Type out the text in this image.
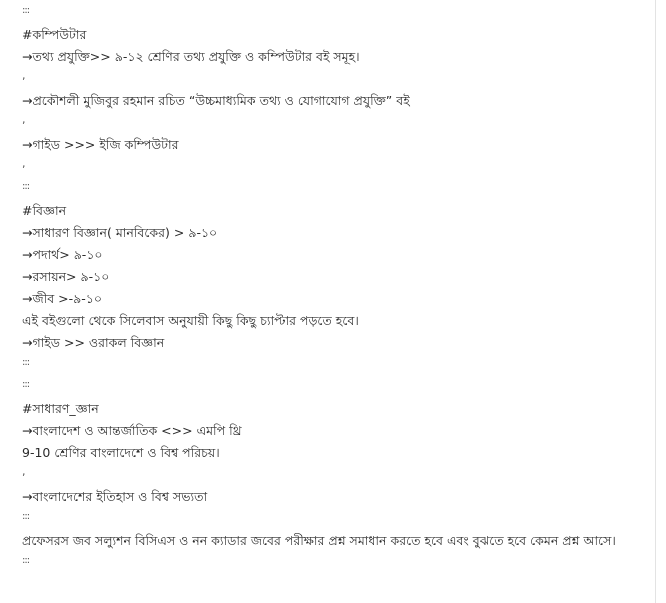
:::
#কম্পিউটার
→তথ্য প্রযুক্তি>> ৯-১২ শ্রেণির তথ্য প্রযুক্তি ও কম্পিউটার বই সমূহ।
,
→প্রকৌশলী মুজিবুর রহমান রচিত “উচ্চমাধ্যমিক তথ্য ও যোগাযোগ প্রযুক্তি” বই
,
→গাইড >>> ইজি কম্পিউটার
,
:::
#বিজ্ঞান
→সাধারণ বিজ্ঞান( মানবিকের) > ৯-১০
→পদার্থ> ৯-১০
→রসায়ন> ৯-১০
→জীব >-৯-১০
এই বইগুলো থেকে সিলেবাস অনুযায়ী কিছু কিছু চ্যাপ্টার পড়তে হবে।
→গাইড >> ওরাকল বিজ্ঞান
:::
:::
#সাধারণ_জ্ঞান
→বাংলাদেশ ও আন্তর্জাতিক <>> এমপি থ্রি
9-10 শ্রেণির বাংলাদেশে ও বিশ্ব পরিচয়।
,
→বাংলাদেশের ইতিহাস ও বিশ্ব সভ্যতা
:::
প্রফেসরস জব সল্যুশন বিসিএস ও নন ক্যাডার জবের পরীক্ষার প্রশ্ন সমাধান করতে হবে এবং বুঝতে হবে কেমন প্রশ্ন আসে।
:::
